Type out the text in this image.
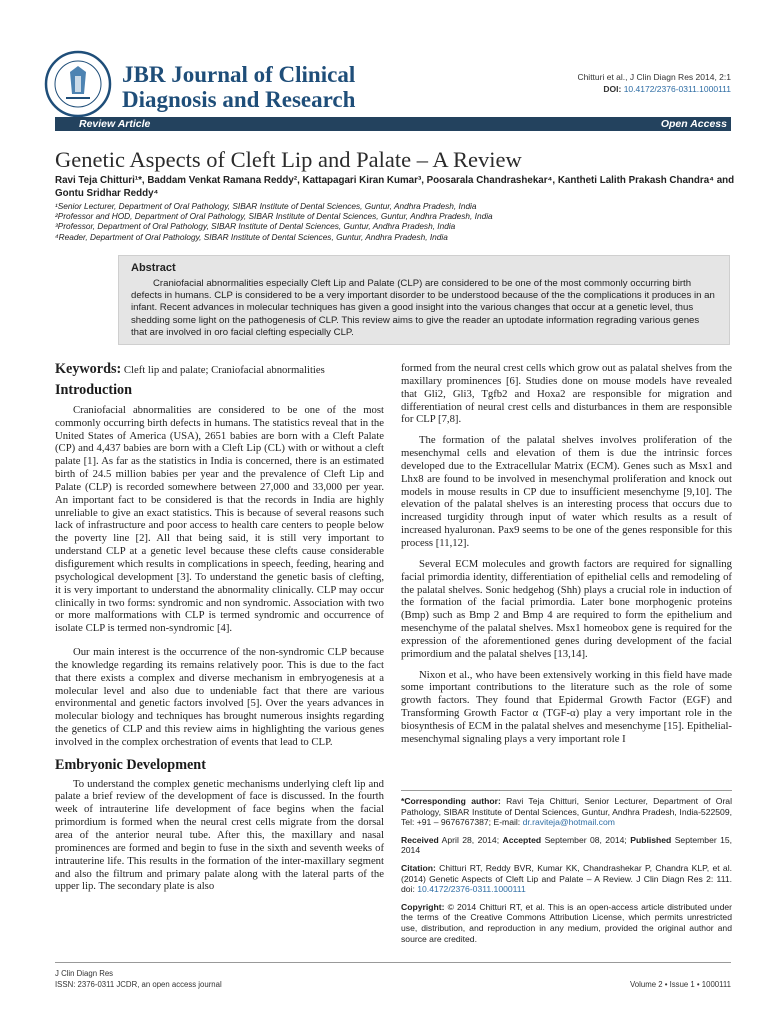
JBR Journal of Clinical
Diagnosis and Research
Chitturi et al., J Clin Diagn Res 2014, 2:1
DOI: 10.4172/2376-0311.1000111
Review Article	Open Access
Genetic Aspects of Cleft Lip and Palate – A Review
Ravi Teja Chitturi¹*, Baddam Venkat Ramana Reddy², Kattapagari Kiran Kumar³, Poosarala Chandrashekar⁴, Kantheti Lalith Prakash Chandra⁴ and Gontu Sridhar Reddy⁴
¹Senior Lecturer, Department of Oral Pathology, SIBAR Institute of Dental Sciences, Guntur, Andhra Pradesh, India
²Professor and HOD, Department of Oral Pathology, SIBAR Institute of Dental Sciences, Guntur, Andhra Pradesh, India
³Professor, Department of Oral Pathology, SIBAR Institute of Dental Sciences, Guntur, Andhra Pradesh, India
⁴Reader, Department of Oral Pathology, SIBAR Institute of Dental Sciences, Guntur, Andhra Pradesh, India
Abstract

Craniofacial abnormalities especially Cleft Lip and Palate (CLP) are considered to be one of the most commonly occurring birth defects in humans. CLP is considered to be a very important disorder to be understood because of the the complications it produces in an infant. Recent advances in molecular techniques has given a good insight into the various changes that occur at a genetic level, thus shedding some light on the pathogenesis of CLP. This review aims to give the reader an uptodate information regrading various genes that are involved in oro facial clefting especially CLP.

Keywords: Cleft lip and palate; Craniofacial abnormalities
Introduction

Craniofacial abnormalities are considered to be one of the most commonly occurring birth defects in humans. The statistics reveal that in the United States of America (USA), 2651 babies are born with a Cleft Palate (CP) and 4,437 babies are born with a Cleft Lip (CL) with or without a cleft palate [1]. As far as the statistics in India is concerned, there is an estimated birth of 24.5 million babies per year and the prevalence of Cleft Lip and Palate (CLP) is recorded somewhere between 27,000 and 33,000 per year. An important fact to be considered is that the records in India are highly unreliable to give an exact statistics. This is because of several reasons such lack of infrastructure and poor access to health care centers to people below the poverty line [2]. All that being said, it is still very important to understand CLP at a genetic level because these clefts cause considerable disfigurement which results in complications in speech, feeding, hearing and psychological development [3]. To understand the genetic basis of clefting, it is very important to understand the abnormality clinically. CLP may occur clinically in two forms: syndromic and non syndromic. Association with two or more malformations with CLP is termed syndromic and occurrence of isolate CLP is termed non-syndromic [4].

Our main interest is the occurrence of the non-syndromic CLP because the knowledge regarding its remains relatively poor. This is due to the fact that there exists a complex and diverse mechanism in embryogenesis at a molecular level and also due to undeniable fact that there are various environmental and genetic factors involved [5]. Over the years advances in molecular biology and techniques has brought numerous insights regarding the genetics of CLP and this review aims in highlighting the various genes involved in the complex orchestration of events that lead to CLP.

Embryonic Development

To understand the complex genetic mechanisms underlying cleft lip and palate a brief review of the development of face is discussed. In the fourth week of intrauterine life development of face begins when the facial primordium is formed when the neural crest cells migrate from the dorsal area of the anterior neural tube. After this, the maxillary and nasal prominences are formed and begin to fuse in the sixth and seventh weeks of intrauterine life. This results in the formation of the inter-maxillary segment and also the filtrum and primary palate along with the lateral parts of the upper lip. The secondary plate is also

formed from the neural crest cells which grow out as palatal shelves from the maxillary prominences [6]. Studies done on mouse models have revealed that Gli2, Gli3, Tgfb2 and Hoxa2 are responsible for migration and differentiation of neural crest cells and disturbances in them are responsible for CLP [7,8].

The formation of the palatal shelves involves proliferation of the mesenchymal cells and elevation of them is due the intrinsic forces developed due to the Extracellular Matrix (ECM). Genes such as Msx1 and Lhx8 are found to be involved in mesenchymal proliferation and knock out models in mouse results in CP due to insufficient mesenchyme [9,10]. The elevation of the palatal shelves is an interesting process that occurs due to increased turgidity through input of water which results as a result of increased hyaluronan. Pax9 seems to be one of the genes responsible for this process [11,12].

Several ECM molecules and growth factors are required for signalling facial primordia identity, differentiation of epithelial cells and remodeling of the palatal shelves. Sonic hedgehog (Shh) plays a crucial role in induction of the formation of the facial primordia. Later bone morphogenic proteins (Bmp) such as Bmp 2 and Bmp 4 are required to form the epithelium and mesenchyme of the palatal shelves. Msx1 homeobox gene is required for the expression of the aforementioned genes during development of the facial primordium and the palatal shelves [13,14].

Nixon et al., who have been extensively working in this field have made some important contributions to the literature such as the role of some growth factors. They found that Epidermal Growth Factor (EGF) and Transforming Growth Factor α (TGF-α) play a very important role in the biosynthesis of ECM in the palatal shelves and mesenchyme [15]. Epithelial-mesenchymal signaling plays a very important role I

*Corresponding author: Ravi Teja Chitturi, Senior Lecturer, Department of Oral Pathology, SIBAR Institute of Dental Sciences, Guntur, Andhra Pradesh, India-522509, Tel: +91 – 9676767387; E-mail: dr.raviteja@hotmail.com

Received April 28, 2014; Accepted September 08, 2014; Published September 15, 2014

Citation: Chitturi RT, Reddy BVR, Kumar KK, Chandrashekar P, Chandra KLP, et al. (2014) Genetic Aspects of Cleft Lip and Palate – A Review. J Clin Diagn Res 2: 111. doi: 10.4172/2376-0311.1000111

Copyright: © 2014 Chitturi RT, et al. This is an open-access article distributed under the terms of the Creative Commons Attribution License, which permits unrestricted use, distribution, and reproduction in any medium, provided the original author and source are credited.

J Clin Diagn Res
ISSN: 2376-0311 JCDR, an open access journal	Volume 2 • Issue 1 • 1000111
